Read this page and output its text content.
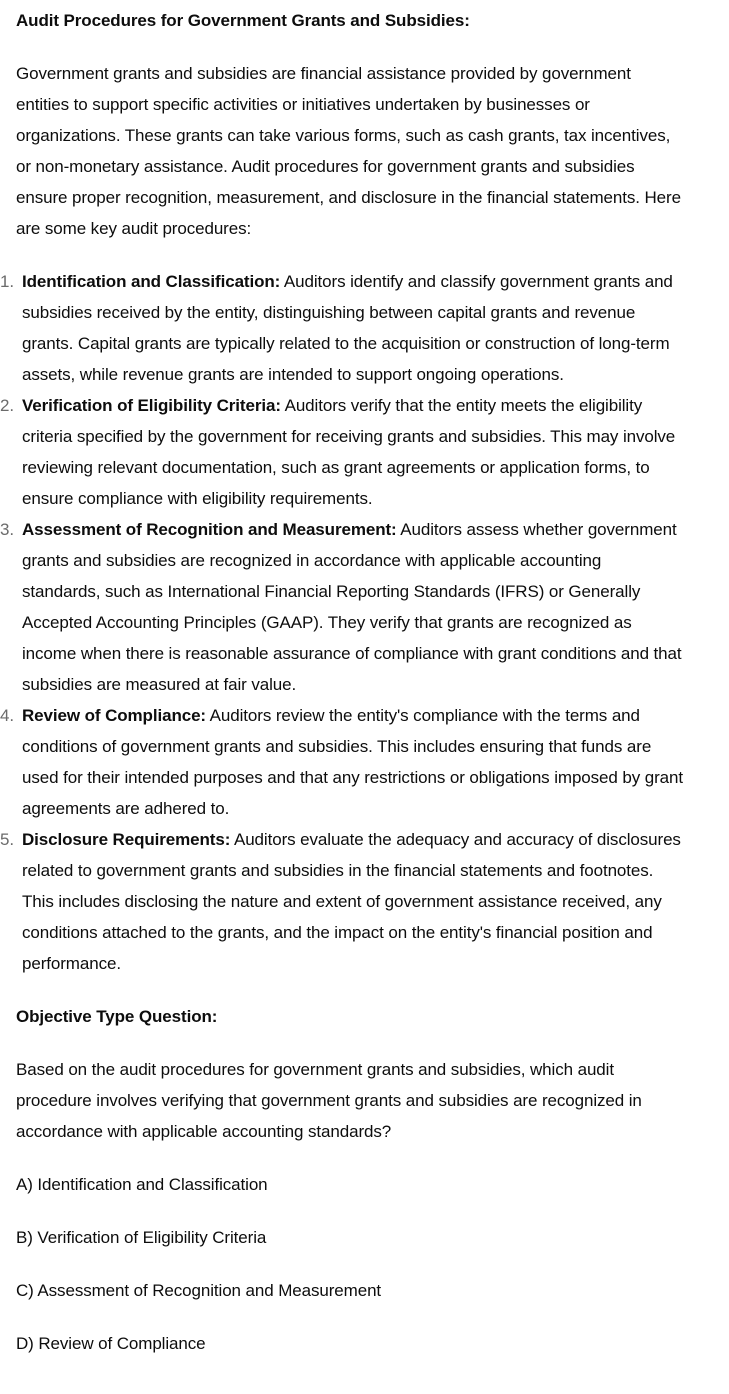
Audit Procedures for Government Grants and Subsidies:

Government grants and subsidies are financial assistance provided by government entities to support specific activities or initiatives undertaken by businesses or organizations. These grants can take various forms, such as cash grants, tax incentives, or non-monetary assistance. Audit procedures for government grants and subsidies ensure proper recognition, measurement, and disclosure in the financial statements. Here are some key audit procedures:

1. Identification and Classification: Auditors identify and classify government grants and subsidies received by the entity, distinguishing between capital grants and revenue grants. Capital grants are typically related to the acquisition or construction of long-term assets, while revenue grants are intended to support ongoing operations.
2. Verification of Eligibility Criteria: Auditors verify that the entity meets the eligibility criteria specified by the government for receiving grants and subsidies. This may involve reviewing relevant documentation, such as grant agreements or application forms, to ensure compliance with eligibility requirements.
3. Assessment of Recognition and Measurement: Auditors assess whether government grants and subsidies are recognized in accordance with applicable accounting standards, such as International Financial Reporting Standards (IFRS) or Generally Accepted Accounting Principles (GAAP). They verify that grants are recognized as income when there is reasonable assurance of compliance with grant conditions and that subsidies are measured at fair value.
4. Review of Compliance: Auditors review the entity's compliance with the terms and conditions of government grants and subsidies. This includes ensuring that funds are used for their intended purposes and that any restrictions or obligations imposed by grant agreements are adhered to.
5. Disclosure Requirements: Auditors evaluate the adequacy and accuracy of disclosures related to government grants and subsidies in the financial statements and footnotes. This includes disclosing the nature and extent of government assistance received, any conditions attached to the grants, and the impact on the entity's financial position and performance.

Objective Type Question:

Based on the audit procedures for government grants and subsidies, which audit procedure involves verifying that government grants and subsidies are recognized in accordance with applicable accounting standards?

A) Identification and Classification

B) Verification of Eligibility Criteria

C) Assessment of Recognition and Measurement

D) Review of Compliance
